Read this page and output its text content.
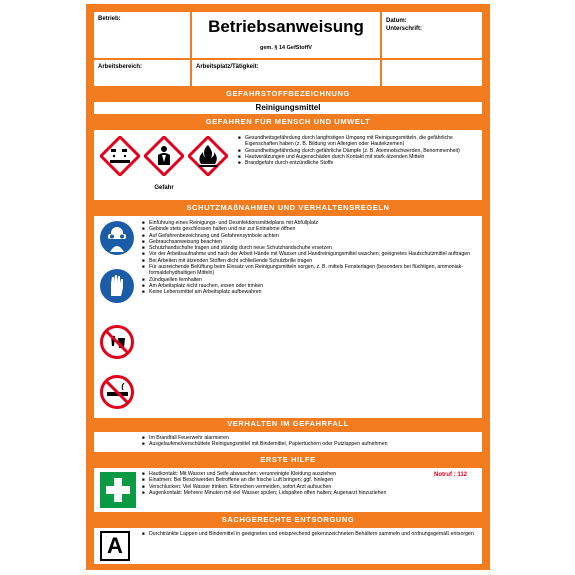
Betrieb:	Betriebsanweisung
gem. § 14 GefStoffV
Datum:
Unterschrift:
Arbeitsbereich:	Arbeitsplatz/Tätigkeit:
GEFAHRSTOFFBEZEICHNUNG
Reinigungsmittel
GEFAHREN FÜR MENSCH UND UMWELT
Gefahr
■ Gesundheitsgefährdung durch langfristigen Umgang mit Reinigungsmitteln, die gefährliche Eigenschaften haben (z. B. Bildung von Allergien oder Hautekzemen)
■ Gesundheitsgefährdung durch gefährliche Dämpfe (z. B. Atemnotschwerden, Benommenheit)
■ Hautverätzungen und Augenschäden durch Kontakt mit stark ätzenden Mitteln
■ Brandgefahr durch entzündliche Stoffe
SCHUTZMAßNAHMEN UND VERHALTENSREGELN
■ Einführung eines Reinigungs- und Desinfektionsmittelplans mit Abfüllplatz
■ Gebinde stets geschlossen halten und nur zur Entnahme öffnen
■ Auf Gefahrenbezeichnung und Gefahrensymbole achten
■ Gebrauchsanweisung beachten
■ Schutzhandschuhe tragen und ständig durch neue Schutzhandschuhe ersetzen
■ Vor der Arbeitsaufnahme und nach der Arbeit Hände mit Wasser und Handreinigungsmittel waschen; geeignetes Hautschutzmittel auftragen
■ Bei Arbeiten mit ätzenden Stoffen dicht schließende Schutzbrille tragen
■ Für ausreichende Belüftung beim Einsatz von Reinigungsmitteln sorgen, z. B. mittels Fensterlagen (besonders bei flüchtigen, ammoniak- formaldehydhaltigen Mitteln)
■ Zündquellen fernhalten
■ Am Arbeitsplatz nicht rauchen, essen oder trinken
■ Keine Lebensmittel am Arbeitsplatz aufbewahren
VERHALTEN IM GEFAHRFALL
■ Im Brandfall Feuerwehr alarmieren
■ Ausgelaufene/verschüttete Reinigungsmittel mit Bindemittel, Papiertüchern oder Putzlappen aufnehmen
ERSTE HILFE
■ Hautkontakt: Mit Wasser und Seife abwaschen; verunreinigte Kleidung ausziehen
■ Einatmen: Bei Beschwerden Betroffene an die frische Luft bringen; ggf. hinlegen
■ Verschlucken: Viel Wasser trinken. Erbrechen vermeiden, sofort Arzt aufsuchen
■ Augenkontakt: Mehrere Minuten mit viel Wasser spülen; Lidspalten offen halten; Augenarzt hinzuziehen
Notruf : 112
SACHGERECHTE ENTSORGUNG
A
■	Durchtränkte Lappen und Bindemittel in geeigneten und entsprechend gekennzeichneten Behältern sammeln und ordnungsgemäß entsorgen
